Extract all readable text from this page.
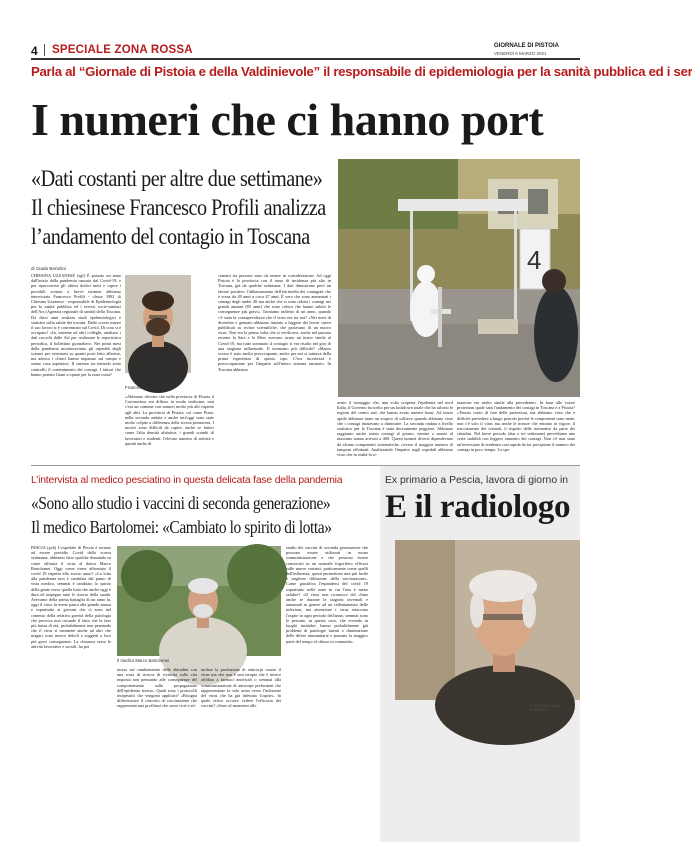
4 SPECIALE ZONA ROSSA	GIORNALE DI PISTOIA
VENERDÌ 6 MARZO 2021
Parla al “Giornale di Pistoia e della Valdinievole” il responsabile di epidemiologia per la sanità pubblica ed i ser
I numeri che ci hanno port
«Dati costanti per altre due settimane»
Il chiesinese Francesco Profili analizza
l’andamento del contagio in Toscana
4
di Giada Bertolini
Francesco Profili
CHIESINA UZZANESE (sgl) È passato un anno dall'inizio della pandemia causata dal Covid-19, e per ripercorrere gli ultimi dodici mesi e capire i possibili scenari a breve termine abbiamo intervistato Francesco Profili - classe 1981 di Chiesina Uzzanese - responsabile di Epidemiologia per la sanità pubblica ed i servizi socio-sanitari dell'Ars (Agenzia regionale di sanità) della Toscana. Da dieci anni realizza studi epidemiologici e statistici sulla salute dei toscani. Dallo scorso marzo il suo lavoro si è concentrato sul Covid. Di cosa si è occupato? «In, insieme ad altri colleghi, analizzo i dati raccolti dalle Asl per realizzare le reportistica periodica, il bollettino giornaliero. Nei primi mesi della pandemia monitoravamo gli ospedali degli scenari per orientarsi su quanti posti letto allestire, ma adesso i clinici hanno imparato sul campo e sanno cosa aspettarsi. Il sistema sta tenendo sotto controllo il contenimento dei contagi. I fattori che hanno portato Giani a optare per la zona rossa?
«Abbiamo rilevato che nella provincia di Pistoia il Coronavirus era diffuso in modo uniforme, non c'era un comune con numeri molto più alti rispetto agli altri. La provincia di Pistoia, col come Prato, nella seconda ondata e anche tutt'oggi sono state molto colpite a differenza della scorsa primavera. I motivi sono difficili da capire, anche se fattori come l'alta densità abitativa, i grandi scambi di lavoratori e studenti, l'elevato numero di attività e quindi anche di
contatti tra persone sono da tenere in considerazione. Ad oggi Pistoia è la provincia con il tasso di incidenza più alto in Toscana, già da qualche settimana. I dati dimostrano però un fattore positivo: l'abbassamento dell'età media dei contagiati che è scesa da 49 anni a circa 47 anni. È vero che sono aumentati i contagi degli under 20 ma anche che si sono ridotti i contagi nei grandi anziani (85 anni) che sono coloro che hanno subito le conseguenze più gravi». Torniamo indietro di un anno, quando c'è stata la consapevolezza che il virus era tra noi? «Nei mesi di dicembre e gennaio abbiamo iniziato a leggere dei lavori cinesi pubblicati su riviste scientifiche, che parlavano di un nuovo virus. Non era la prima volta che si verificava, anche nel passato recente la Sars e la Mers avevano avuto un inizio simile al Covid-19, ma tutto sommato il contagio si era risolto nel giro di una stagione influenzale. Il momento più difficile? «Marzo scorso è stato molto preoccupante, anche per noi si trattava della prima esperienza di questo tipo. C'era incertezza e preoccupazione per l'impatto sull'intero sistema sanitario. In Toscana abbiamo
avuto il vantaggio che, una volta scoperta l'epidemia nel nord Italia, il Governo ha scelto per un lockdown totale che ha salvato le regioni del centro sud, che hanno avuto numeri bassi. Ad inizio aprile abbiamo tirato un sospiro di sollievo quando abbiamo visto che i contagi iniziavano a diminuire. La seconda ondata a livello statistico per la Toscana è stata decisamente peggiore. Abbiamo raggiunto anche trenta contagi al giorno, mentre a marzo al massimo siamo arrivati a 400. Questi numeri diversi dipendevano da alcune componenti sistematiche, ovvero il maggior numero di tamponi effettuati. Analizzando l'impatto sugli ospedali abbiamo visto che in realtà la si-
tuazione era molto simile alla precedente». In base alle vostre proiezioni quale sarà l'andamento dei contagi in Toscana e a Pistoia? «Tenuto conto di fare delle proiezioni, ma abbiamo visto che è difficile prevedere a lungo periodo perché le componenti sono tante: non c'è solo il virus ma anche le misure che entrano in vigore, il tracciamento dei contatti, il rispetto delle normative da parte dei cittadini. Nel breve periodo (due o tre settimane) prevediamo una certa stabilità con leggero aumento dei contagi. Non c'è mai stata un'inversione di tendenza così rapida da far precipitare il numero dei contagi in poco tempo. La spe-
L’intervista al medico pesciatino in questa delicata fase della pandemia
«Sono allo studio i vaccini di seconda generazione»
Il medico Bartolomei: «Cambiato lo spirito di lotta»
PESCIA (pcb) L'ospedale di Pescia è tornato ad essere presidio Covid dalla scorsa settimana, abbiamo fatto qualche domanda su come affronta il virus al dottor Marco Bartolomei. Oggi come viene affrontato il covid 19 rispetto allo scorso anno? «La lotta alla pandemia non è cambiata dal punto di vista medico, semmai è cambiato lo spirito della gente verso quella lotta che anche oggi è dura ed impegna tutte le risorse della sanità. Avevamo della prima battaglia di un anno fa, oggi il virus fa meno paura alla grande massa e soprattutto ai giovani che ci sono nel contesto della relativa gravità della patologia che provoca non curando il fatto che la fase più bassa di età, probabilmente non pensando che il virus si trasmette anche ad altri che magari sono invece deboli e soggetti a loro più gravi conseguenze. La chiusura verso le attività lavorative e sociali, ha poi
Il medico Marco Bartolomei
inciso sul cambiamento delle abitudini con una sorta di ricerca di rivincita sulla vita imposta non pensando alle conseguenze del comportamento sulla propagazione dell'epidemia stessa». Quali sono i protocolli terapeutici che vengono applicati? «Bisogna differenziare il concetto di vaccinazione che rappresenta una profilassi che serve cioè a sti-
molare la produzione di anticorpi contro il virus ma che non è una terapia che è invece affidata a farmaci antivirali o semmai alla somministrazione di anticorpi preformati che rappresentano la sola arma verso l'infezione del virus che ha già infettato l'ospite». In quale ottica occorre vedere l'efficacia dei vaccini? «Sono al momento allo
studio dei vaccini di seconda generazione che possono essere utilizzati in mono somministrazione e che possono essere conservati in un normale frigorifero efficaci sulle nuove varianti, praticamente come quelli dell'influenza; questi permettono una più facile e migliore diffusione della vaccinazione». Come giustifica l'espandersi del covid 19 soprattutto nelle zone in cui l'aria è meno salubre? «Il virus non riconosce del clima anche se durante le stagioni invernali e autunnali in genere ad un rallentamento delle infezioni, ma attenzione i virus attaccano l'ospite in ogni periodo dell'anno, semmai sono le persone, in questo caso, che vivendo in luoghi insalubri, hanno probabilmente già problemi di patologie latenti o diminuzione delle difese immunitarie e passano la maggior parte del tempo al chiuso in comunità».
Ex primario a Pescia, lavora di giorno in
E il radiologo
© RIPRODUZIONE RISERVATA
